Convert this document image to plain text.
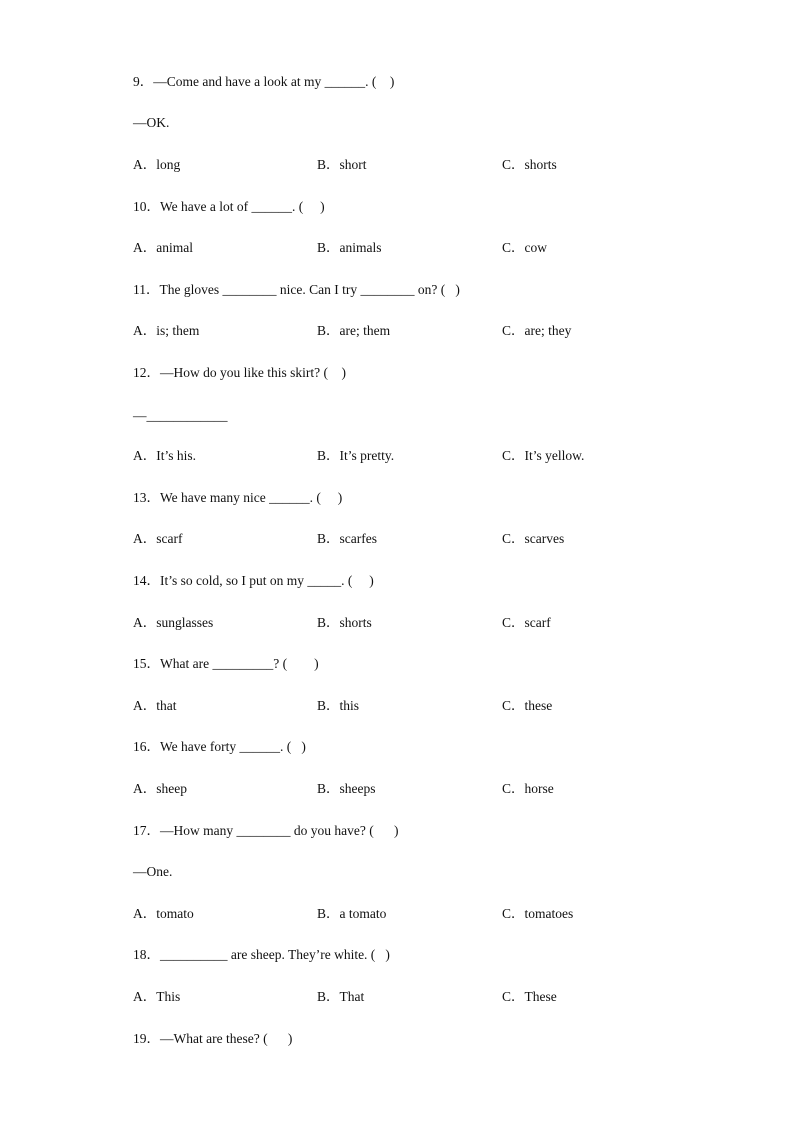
9．—Come and have a look at my ______. (    )
—OK.
A．long	B．short	C．shorts
10．We have a lot of ______. (     )
A．animal	B．animals	C．cow
11．The gloves ________ nice. Can I try ________ on? (   )
A．is; them	B．are; them	C．are; they
12．—How do you like this skirt? (    )
—____________
A．It’s his.	B．It’s pretty.	C．It’s yellow.
13．We have many nice ______. (     )
A．scarf	B．scarfes	C．scarves
14．It’s so cold, so I put on my _____. (     )
A．sunglasses	B．shorts	C．scarf
15．What are _________? (        )
A．that	B．this	C．these
16．We have forty ______. (   )
A．sheep	B．sheeps	C．horse
17．—How many ________ do you have? (      )
—One.
A．tomato	B．a tomato	C．tomatoes
18．__________ are sheep. They’re white. (   )
A．This	B．That	C．These
19．—What are these? (      )
